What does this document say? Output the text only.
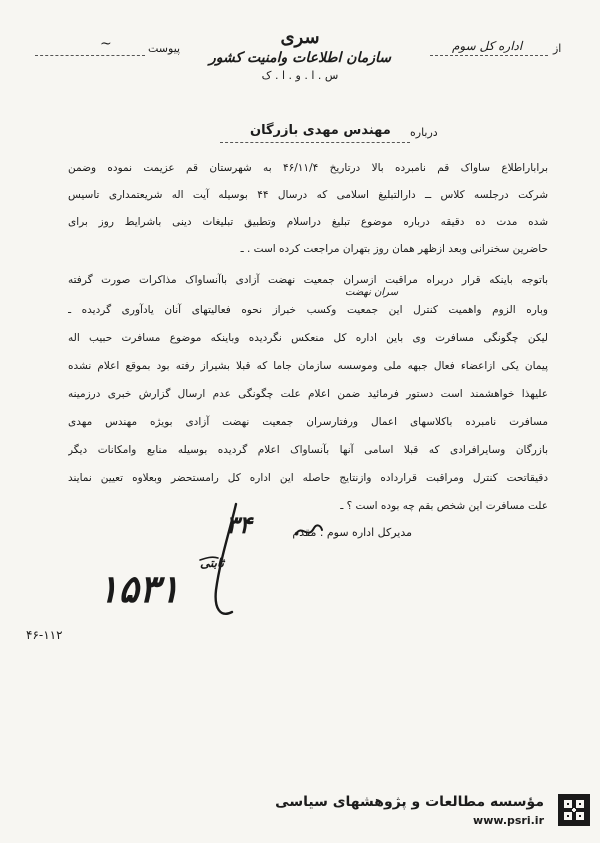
از
اداره کل سوم
پیوست
~	سری
سازمان اطلاعات وامنیت کشور
س . ا . و . ا . ک
درباره
مهندس مهدی بازرگان
براباراطلاع ساواک قم نامبرده بالا درتاریخ ۴۶/۱۱/۴ به شهرستان قم عزیمت نموده وضمن
شرکت درجلسه کلاس ــ دارالتبلیغ اسلامی که درسال ۴۴ بوسیله آیت اله شریعتمداری تاسیس
شده مدت ده دقیقه درباره موضوع تبلیغ دراسلام وتطبیق تبلیغات دینی باشرایط روز برای
حاضرین سخنرانی وبعد ازظهر همان روز بتهران مراجعت کرده است . ـ
باتوجه باینکه قرار دربراه مراقبت ازسران جمعیت نهضت آزادی باآنساواک مذاکرات صورت گرفته
وباره الزوم واهمیت کنترل این جمعیت وکسب خبراز نحوه فعالیتهای آنان یادآوری گردیده ـ
لیکن چگونگی مسافرت وی باین اداره کل منعکس نگردیده وباینکه موضوع مسافرت حبیب اله
پیمان یکی ازاعضاء فعال جبهه ملی وموسسه سازمان جاما که قبلا بشیراز رفته بود بموقع اعلام نشده
علیهذا خواهشمند است دستور فرمائید ضمن اعلام علت چگونگی عدم ارسال گزارش خبری درزمینه
مسافرت نامبرده باکلاسهای اعمال ورفتارسران جمعیت نهضت آزادی بویژه مهندس مهدی
بازرگان وسایرافرادی که قبلا اسامی آنها بآنساواک اعلام گردیده بوسیله منابع وامکانات دیگر
دقیقاتحت کنترل ومراقبت قرارداده وازنتایج حاصله این اداره کل رامستحضر وبعلاوه تعیین نمایند
علت مسافرت این شخص بقم چه بوده است ؟ ـ
سران نهضت
مدیرکل اداره سوم . مقدم
ثابتی
۳۴
۱۵۳۱
۴۶-۱۱۲
مؤسسه مطالعات و پژوهشهای سیاسی
www.psri.ir
